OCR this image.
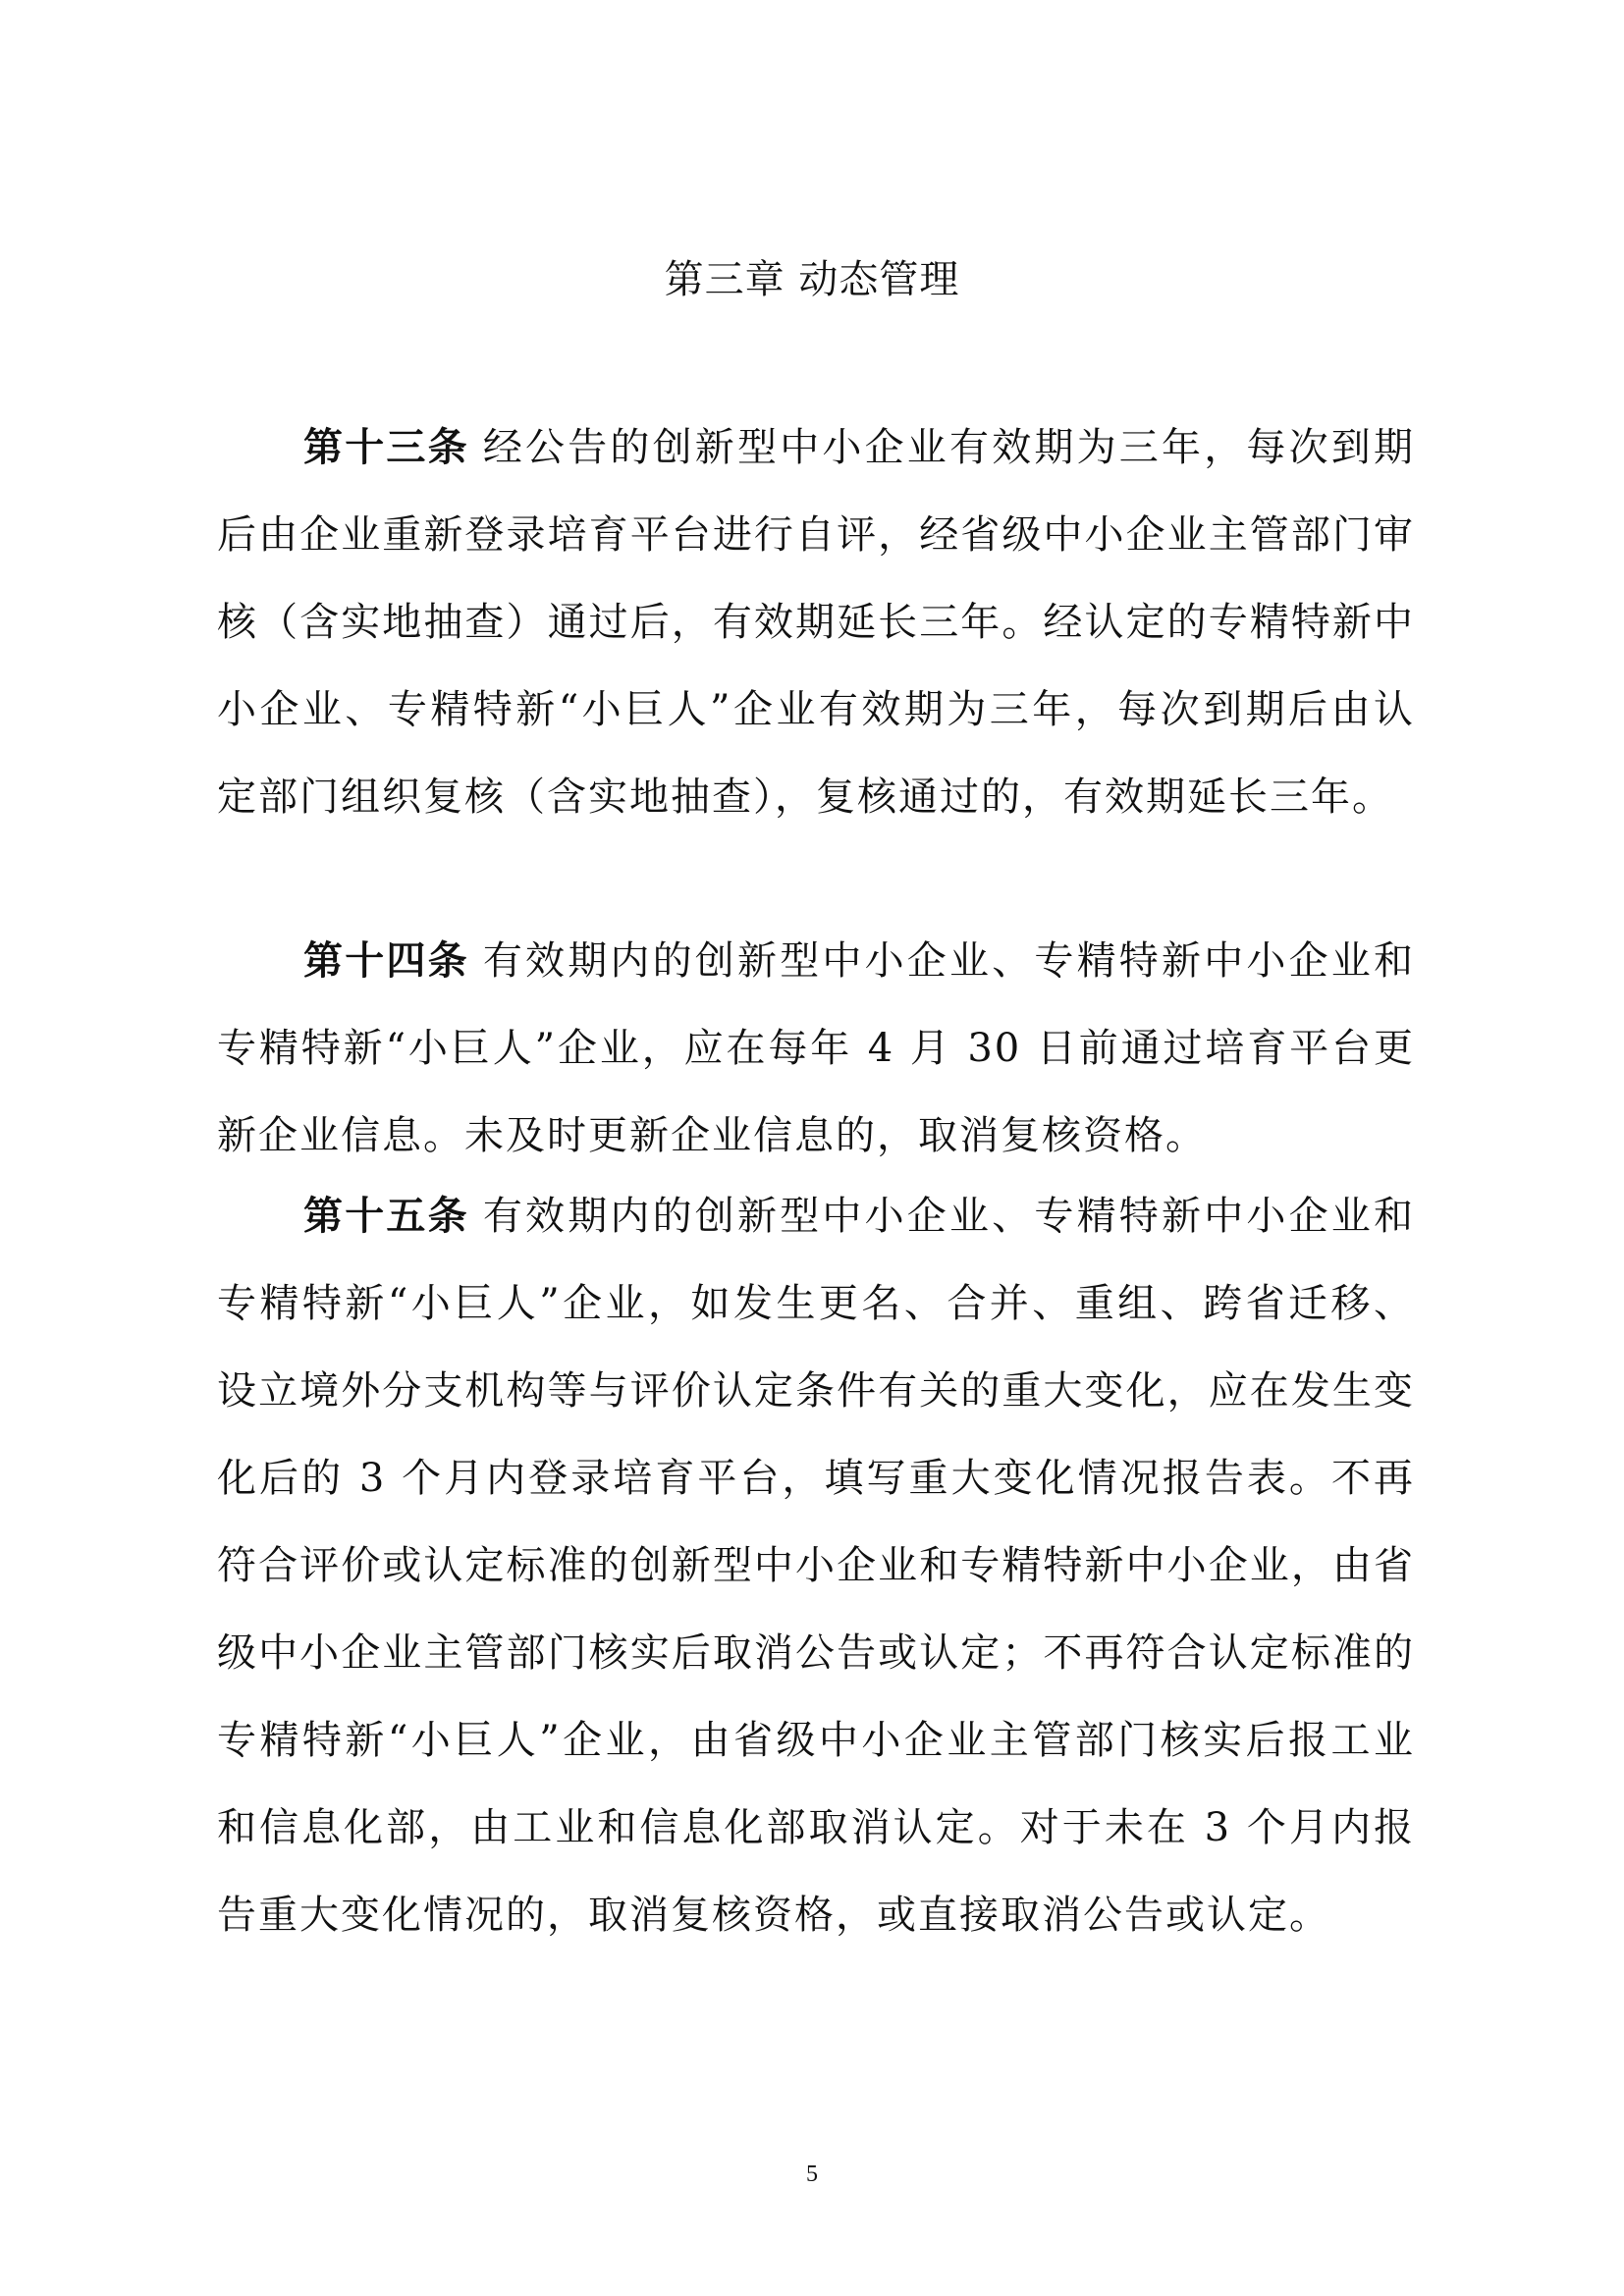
第三章 动态管理

第十三条 经公告的创新型中小企业有效期为三年，每次到期后由企业重新登录培育平台进行自评，经省级中小企业主管部门审核（含实地抽查）通过后，有效期延长三年。经认定的专精特新中小企业、专精特新“小巨人”企业有效期为三年，每次到期后由认定部门组织复核（含实地抽查），复核通过的，有效期延长三年。

第十四条 有效期内的创新型中小企业、专精特新中小企业和专精特新“小巨人”企业，应在每年 4 月 30 日前通过培育平台更新企业信息。未及时更新企业信息的，取消复核资格。

第十五条 有效期内的创新型中小企业、专精特新中小企业和专精特新“小巨人”企业，如发生更名、合并、重组、跨省迁移、设立境外分支机构等与评价认定条件有关的重大变化，应在发生变化后的 3 个月内登录培育平台，填写重大变化情况报告表。不再符合评价或认定标准的创新型中小企业和专精特新中小企业，由省级中小企业主管部门核实后取消公告或认定；不再符合认定标准的专精特新“小巨人”企业，由省级中小企业主管部门核实后报工业和信息化部，由工业和信息化部取消认定。对于未在 3 个月内报告重大变化情况的，取消复核资格，或直接取消公告或认定。

5
